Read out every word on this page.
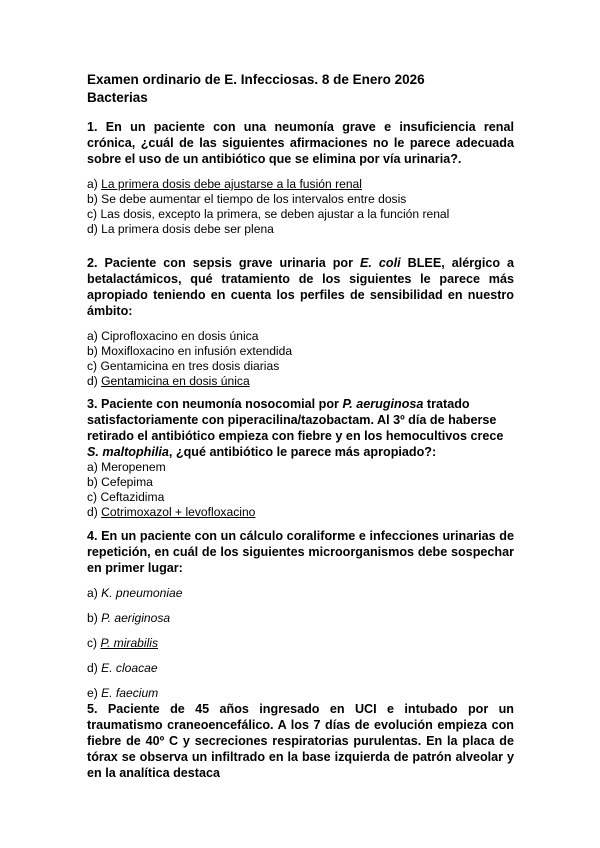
Examen ordinario de E. Infecciosas. 8 de Enero 2026
Bacterias

1. En un paciente con una neumonía grave e insuficiencia renal crónica, ¿cuál de las siguientes afirmaciones no le parece adecuada sobre el uso de un antibiótico que se elimina por vía urinaria?.

a) La primera dosis debe ajustarse a la fusión renal
b) Se debe aumentar el tiempo de los intervalos entre dosis
c) Las dosis, excepto la primera, se deben ajustar a la función renal
d) La primera dosis debe ser plena

2. Paciente con sepsis grave urinaria por E. coli BLEE, alérgico a betalactámicos, qué tratamiento de los siguientes le parece más apropiado teniendo en cuenta los perfiles de sensibilidad en nuestro ámbito:

a) Ciprofloxacino en dosis única
b) Moxifloxacino en infusión extendida
c) Gentamicina en tres dosis diarias
d) Gentamicina en dosis única

3. Paciente con neumonía nosocomial por P. aeruginosa tratado satisfactoriamente con piperacilina/tazobactam. Al 3º día de haberse retirado el antibiótico empieza con fiebre y en los hemocultivos crece S. maltophilia, ¿qué antibiótico le parece más apropiado?:

a) Meropenem
b) Cefepima
c) Ceftazidima
d) Cotrimoxazol + levofloxacino

4. En un paciente con un cálculo coraliforme e infecciones urinarias de repetición, en cuál de los siguientes microorganismos debe sospechar en primer lugar:

a) K. pneumoniae
b) P. aeriginosa
c) P. mirabilis
d) E. cloacae
e) E. faecium

5. Paciente de 45 años ingresado en UCI e intubado por un traumatismo craneoencefálico. A los 7 días de evolución empieza con fiebre de 40º C y secreciones respiratorias purulentas. En la placa de tórax se observa un infiltrado en la base izquierda de patrón alveolar y en la analítica destaca
